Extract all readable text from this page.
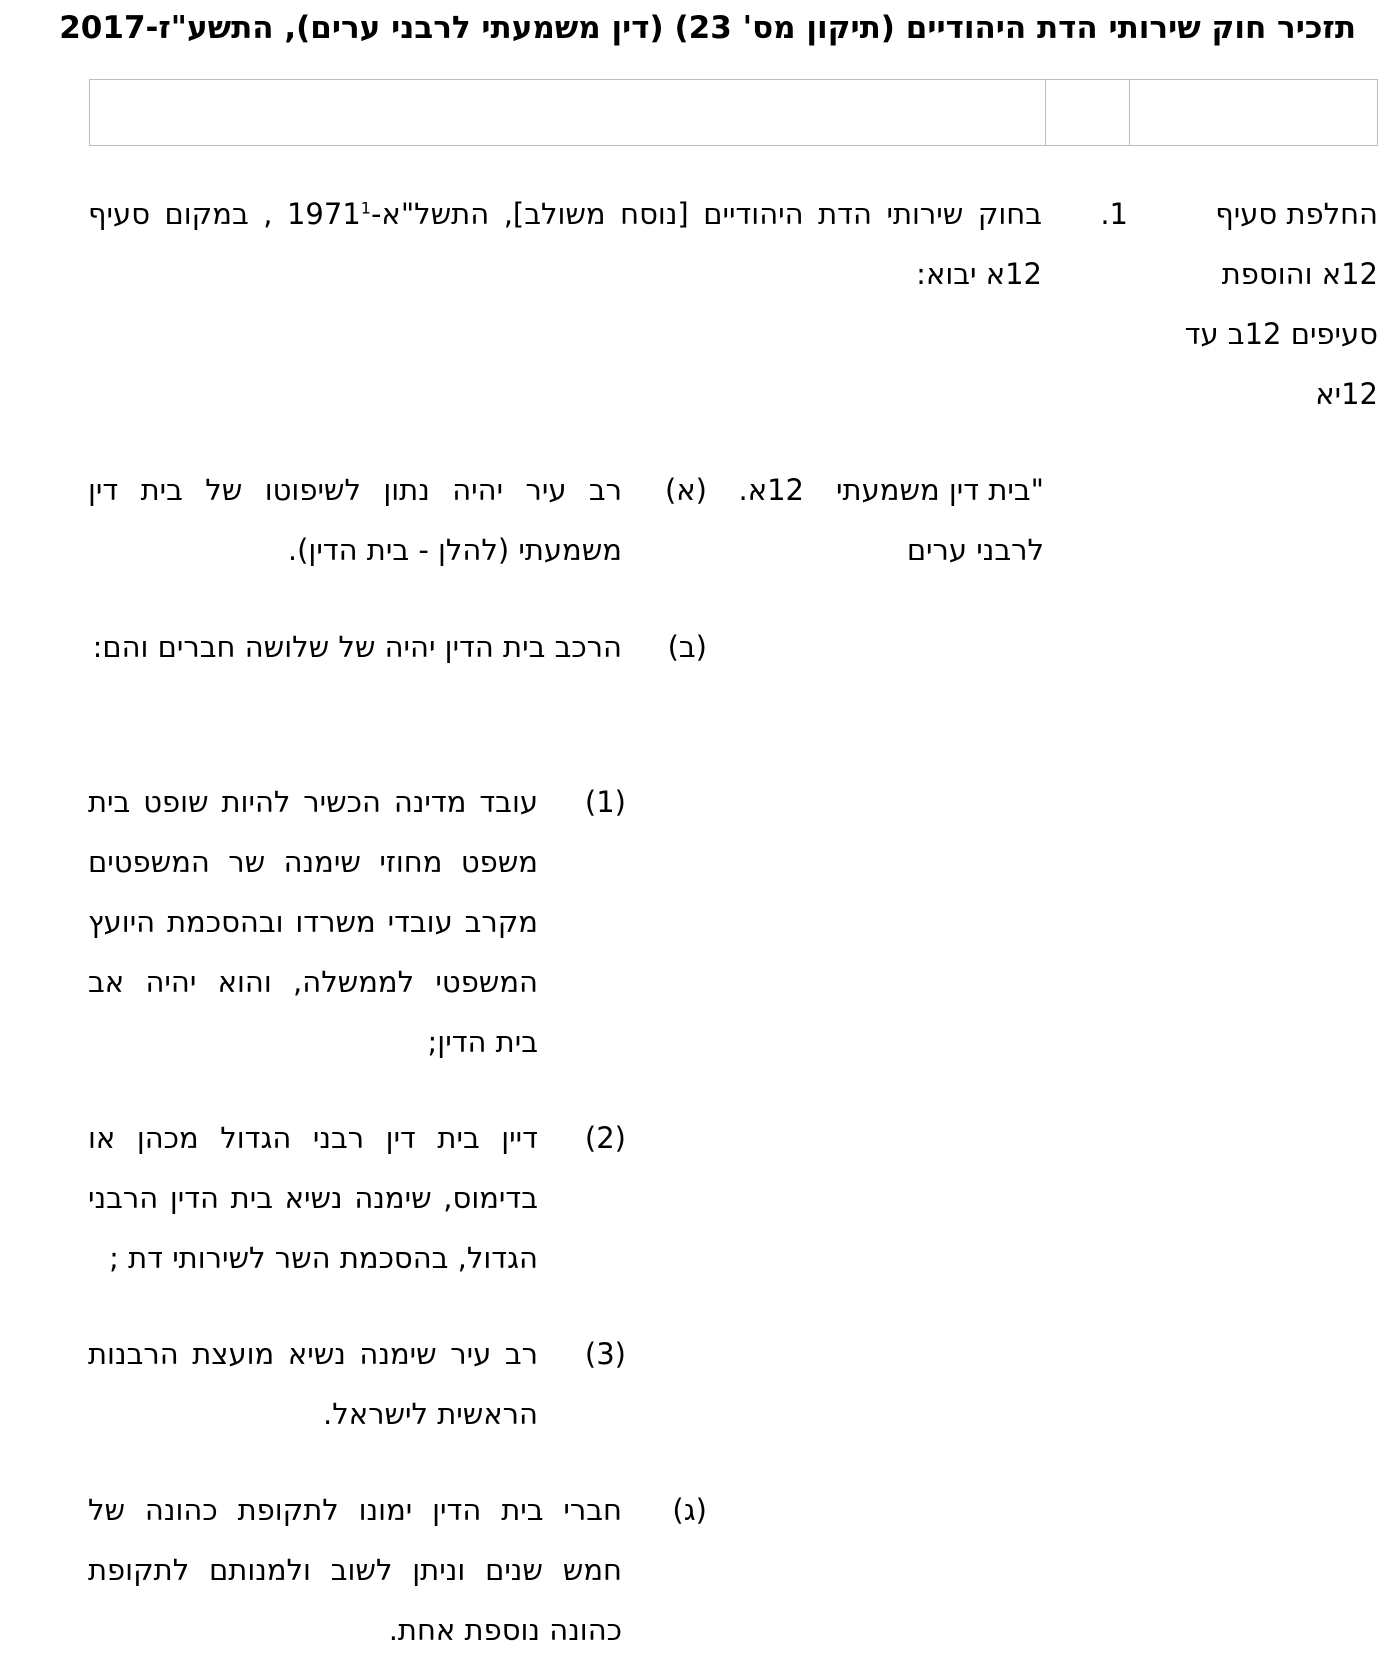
תזכיר חוק שירותי הדת היהודיים (תיקון מס' 23) (דין משמעתי לרבני ערים), התשע"ז-2017
החלפת סעיף
12א והוספת
סעיפים 12ב עד
12יא
1.
בחוק שירותי הדת היהודיים [נוסח משולב], התשל"א-1971$^1$ , במקום סעיף 12א יבוא:
"בית דין משמעתי לרבני ערים
12א.
(א)
רב עיר יהיה נתון לשיפוטו של בית דין משמעתי (להלן - בית הדין).
(ב)
הרכב בית הדין יהיה של שלושה חברים והם:
(1)
עובד מדינה הכשיר להיות שופט בית משפט מחוזי שימנה שר המשפטים מקרב עובדי משרדו ובהסכמת היועץ המשפטי לממשלה, והוא יהיה אב בית הדין;
(2)
דיין בית דין רבני הגדול מכהן או בדימוס, שימנה נשיא בית הדין הרבני הגדול, בהסכמת השר לשירותי דת ;
(3)
רב עיר שימנה נשיא מועצת הרבנות הראשית לישראל.
(ג)
חברי בית הדין ימונו לתקופת כהונה של חמש שנים וניתן לשוב ולמנותם לתקופת כהונה נוספת אחת.
